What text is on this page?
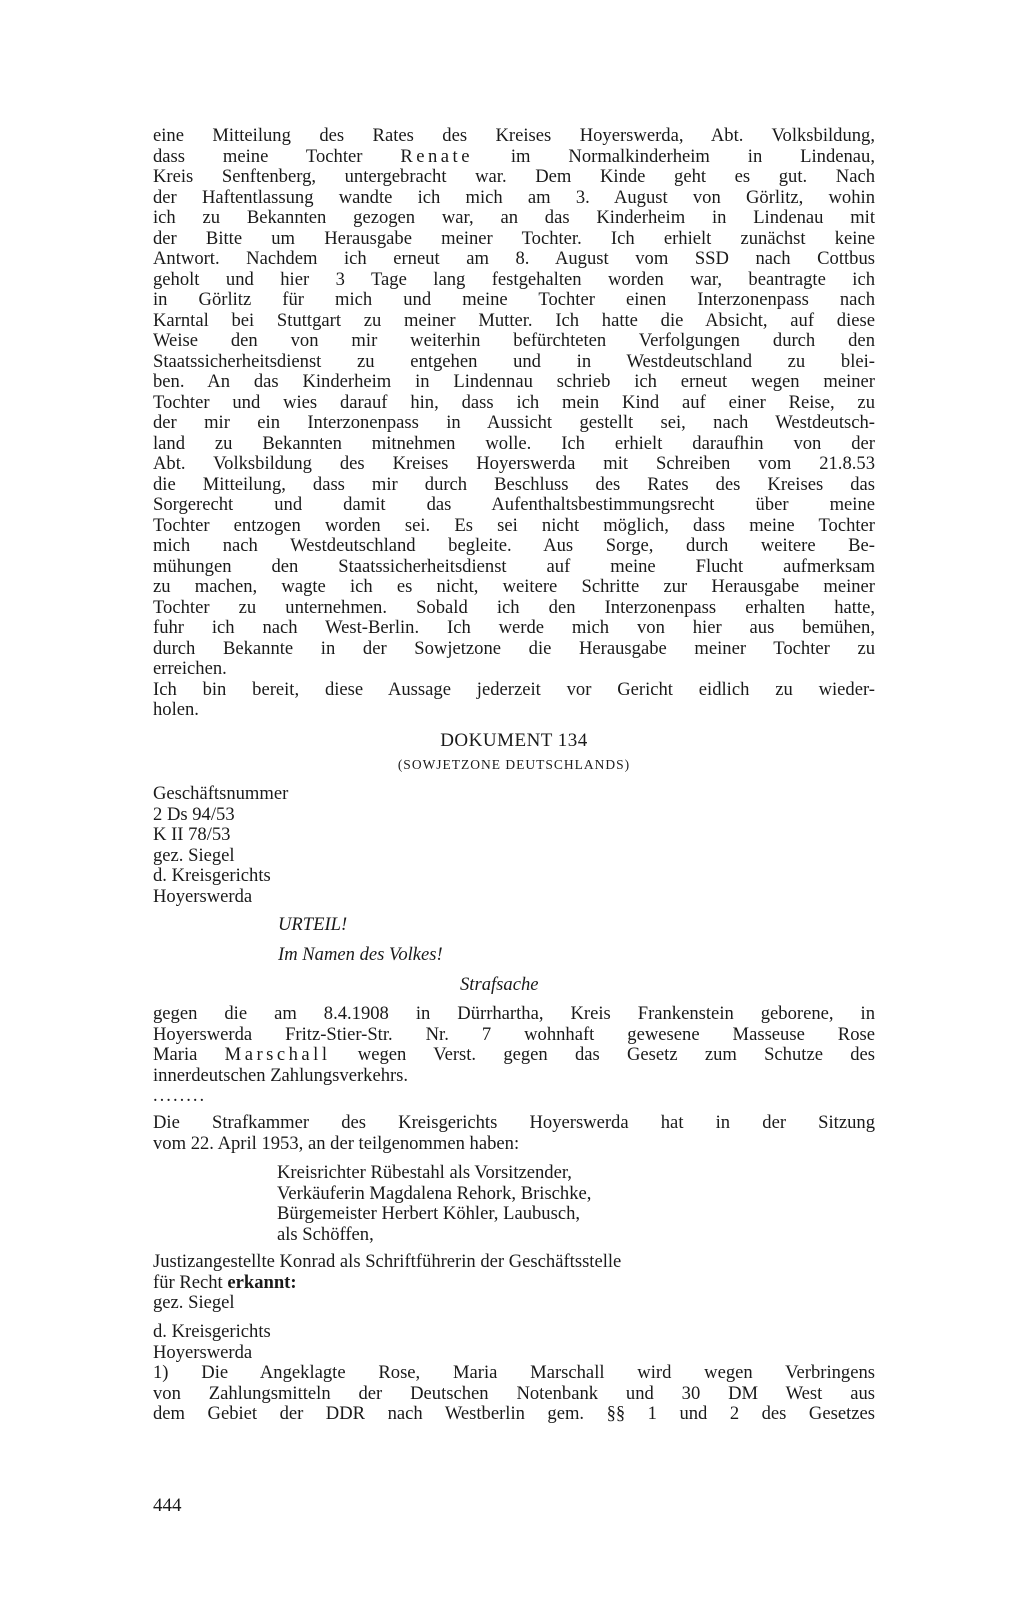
eine Mitteilung des Rates des Kreises Hoyerswerda, Abt. Volksbildung,
dass meine Tochter Renate im Normalkinderheim in Lindenau,
Kreis Senftenberg, untergebracht war. Dem Kinde geht es gut. Nach
der Haftentlassung wandte ich mich am 3. August von Görlitz, wohin
ich zu Bekannten gezogen war, an das Kinderheim in Lindenau mit
der Bitte um Herausgabe meiner Tochter. Ich erhielt zunächst keine
Antwort. Nachdem ich erneut am 8. August vom SSD nach Cottbus
geholt und hier 3 Tage lang festgehalten worden war, beantragte ich
in Görlitz für mich und meine Tochter einen Interzonenpass nach
Karntal bei Stuttgart zu meiner Mutter. Ich hatte die Absicht, auf diese
Weise den von mir weiterhin befürchteten Verfolgungen durch den
Staatssicherheitsdienst zu entgehen und in Westdeutschland zu blei-
ben. An das Kinderheim in Lindennau schrieb ich erneut wegen meiner
Tochter und wies darauf hin, dass ich mein Kind auf einer Reise, zu
der mir ein Interzonenpass in Aussicht gestellt sei, nach Westdeutsch-
land zu Bekannten mitnehmen wolle. Ich erhielt daraufhin von der
Abt. Volksbildung des Kreises Hoyerswerda mit Schreiben vom 21.8.53
die Mitteilung, dass mir durch Beschluss des Rates des Kreises das
Sorgerecht und damit das Aufenthaltsbestimmungsrecht über meine
Tochter entzogen worden sei. Es sei nicht möglich, dass meine Tochter
mich nach Westdeutschland begleite. Aus Sorge, durch weitere Be-
mühungen den Staatssicherheitsdienst auf meine Flucht aufmerksam
zu machen, wagte ich es nicht, weitere Schritte zur Herausgabe meiner
Tochter zu unternehmen. Sobald ich den Interzonenpass erhalten hatte,
fuhr ich nach West-Berlin. Ich werde mich von hier aus bemühen,
durch Bekannte in der Sowjetzone die Herausgabe meiner Tochter zu
erreichen.
Ich bin bereit, diese Aussage jederzeit vor Gericht eidlich zu wieder-
holen.
DOKUMENT 134
(SOWJETZONE DEUTSCHLANDS)
Geschäftsnummer
2 Ds 94/53
K II 78/53
gez. Siegel
d. Kreisgerichts
Hoyerswerda
URTEIL!
Im Namen des Volkes!
Strafsache
gegen die am 8.4.1908 in Dürrhartha, Kreis Frankenstein geborene, in
Hoyerswerda Fritz-Stier-Str. Nr. 7 wohnhaft gewesene Masseuse Rose
Maria Marschall wegen Verst. gegen das Gesetz zum Schutze des
innerdeutschen Zahlungsverkehrs.
........
Die Strafkammer des Kreisgerichts Hoyerswerda hat in der Sitzung
vom 22. April 1953, an der teilgenommen haben:
Kreisrichter Rübestahl als Vorsitzender,
Verkäuferin Magdalena Rehork, Brischke,
Bürgemeister Herbert Köhler, Laubusch,
als Schöffen,
Justizangestellte Konrad als Schriftführerin der Geschäftsstelle
für Recht erkannt:
gez. Siegel
d. Kreisgerichts
Hoyerswerda
1) Die Angeklagte Rose, Maria Marschall wird wegen Verbringens
von Zahlungsmitteln der Deutschen Notenbank und 30 DM West aus
dem Gebiet der DDR nach Westberlin gem. §§ 1 und 2 des Gesetzes
444
